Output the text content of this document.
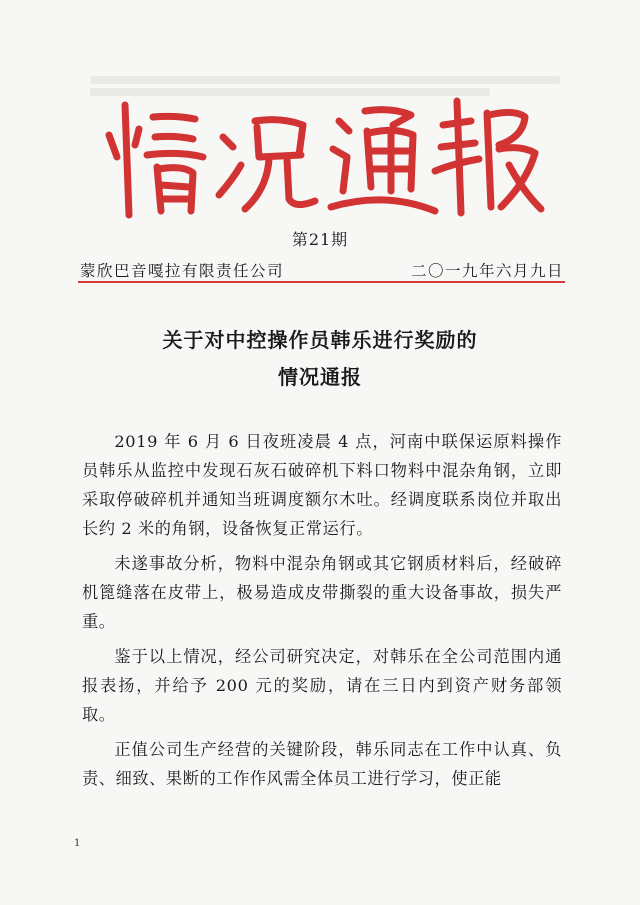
第21期
蒙欣巴音嘎拉有限责任公司	二〇一九年六月九日
关于对中控操作员韩乐进行奖励的
情况通报

2019 年 6 月 6 日夜班凌晨 4 点，河南中联保运原料操作员韩乐从监控中发现石灰石破碎机下料口物料中混杂角钢，立即采取停破碎机并通知当班调度额尔木吐。经调度联系岗位并取出长约 2 米的角钢，设备恢复正常运行。

未遂事故分析，物料中混杂角钢或其它钢质材料后，经破碎机篦缝落在皮带上，极易造成皮带撕裂的重大设备事故，损失严重。

鉴于以上情况，经公司研究决定，对韩乐在全公司范围内通报表扬，并给予 200 元的奖励，请在三日内到资产财务部领取。

正值公司生产经营的关键阶段，韩乐同志在工作中认真、负责、细致、果断的工作作风需全体员工进行学习，使正能

1
